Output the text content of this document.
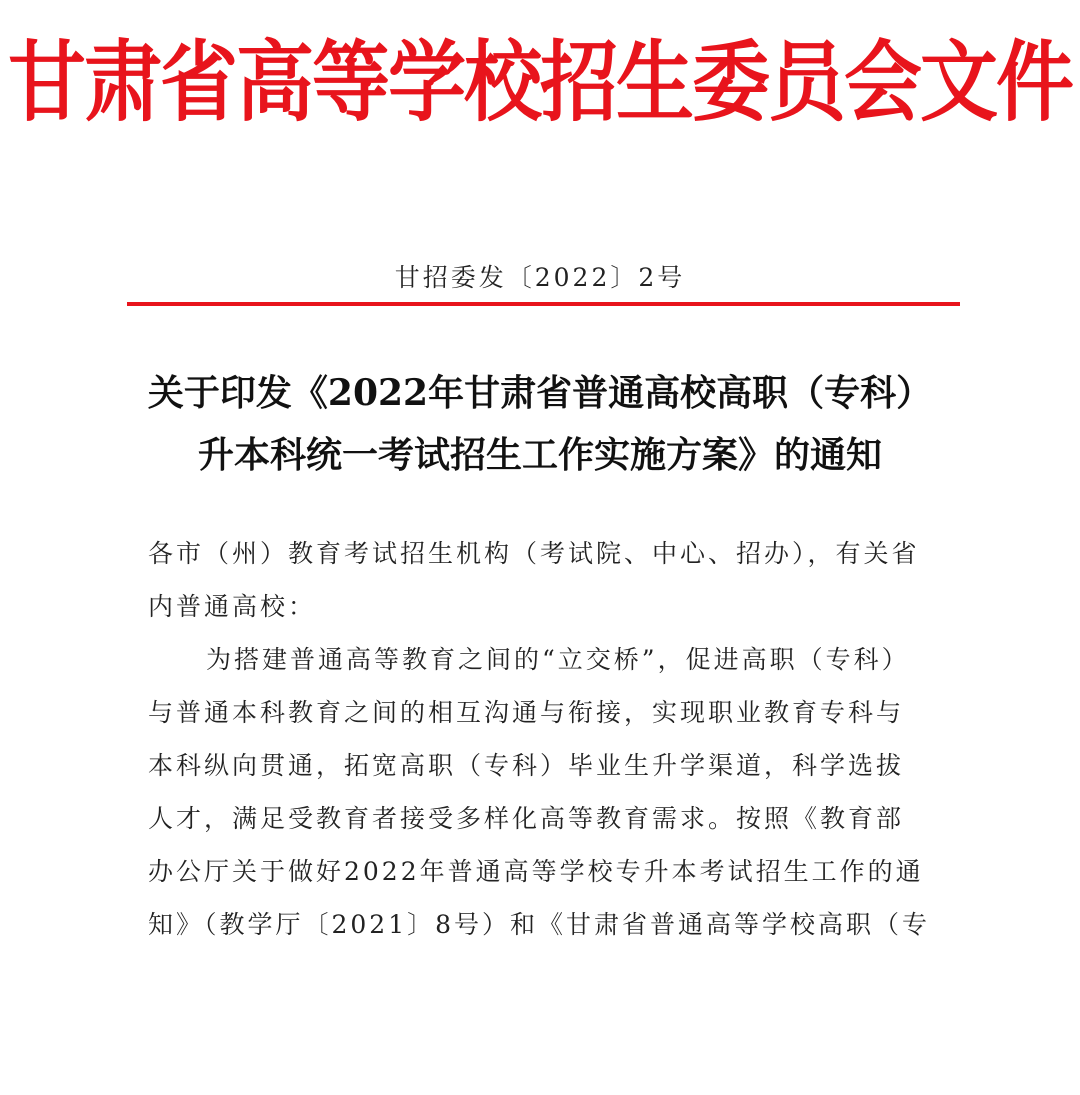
甘肃省高等学校招生委员会文件
甘招委发〔2022〕2号
关于印发《2022年甘肃省普通高校高职（专科）
升本科统一考试招生工作实施方案》的通知
各市（州）教育考试招生机构（考试院、中心、招办），有关省
内普通高校：
为搭建普通高等教育之间的“立交桥”，促进高职（专科）
与普通本科教育之间的相互沟通与衔接，实现职业教育专科与
本科纵向贯通，拓宽高职（专科）毕业生升学渠道，科学选拔
人才，满足受教育者接受多样化高等教育需求。按照《教育部
办公厅关于做好2022年普通高等学校专升本考试招生工作的通
知》（教学厅〔2021〕8号）和《甘肃省普通高等学校高职（专
